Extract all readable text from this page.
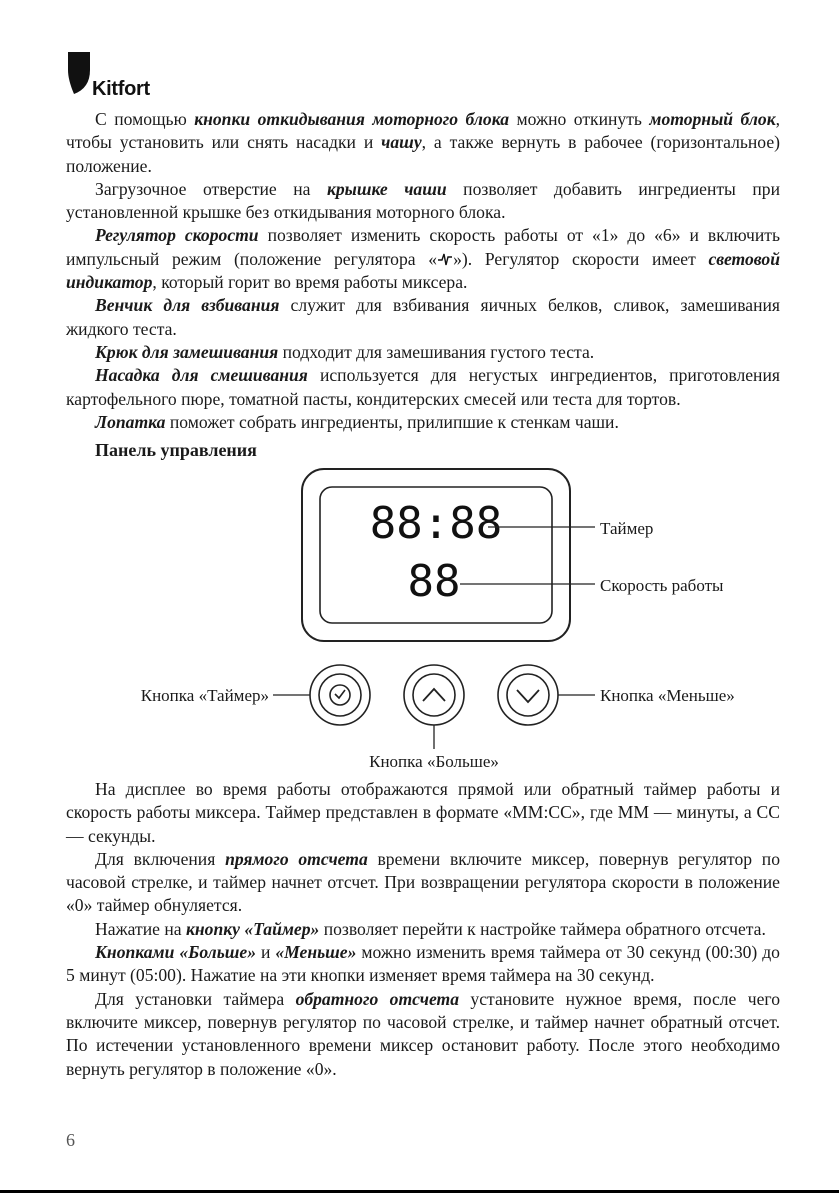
Kitfort

С помощью кнопки откидывания моторного блока можно откинуть моторный блок, чтобы установить или снять насадки и чашу, а также вернуть в рабочее (горизонтальное) положение.

Загрузочное отверстие на крышке чаши позволяет добавить ингредиенты при установленной крышке без откидывания моторного блока.

Регулятор скорости позволяет изменить скорость работы от «1» до «6» и включить импульсный режим (положение регулятора « »). Регулятор скорости имеет световой индикатор, который горит во время работы миксера.

Венчик для взбивания служит для взбивания яичных белков, сливок, замешивания жидкого теста.

Крюк для замешивания подходит для замешивания густого теста.

Насадка для смешивания используется для негустых ингредиентов, приготовления картофельного пюре, томатной пасты, кондитерских смесей или теста для тортов.

Лопатка поможет собрать ингредиенты, прилипшие к стенкам чаши.

Панель управления
88:88
88
Таймер
Скорость работы
Кнопка «Таймер»	Кнопка «Меньше»
Кнопка «Больше»

На дисплее во время работы отображаются прямой или обратный таймер работы и скорость работы миксера. Таймер представлен в формате «ММ:СС», где ММ — минуты, а СС — секунды.

Для включения прямого отсчета времени включите миксер, повернув регулятор по часовой стрелке, и таймер начнет отсчет. При возвращении регулятора скорости в положение «0» таймер обнуляется.

Нажатие на кнопку «Таймер» позволяет перейти к настройке таймера обратного отсчета.

Кнопками «Больше» и «Меньше» можно изменить время таймера от 30 секунд (00:30) до 5 минут (05:00). Нажатие на эти кнопки изменяет время таймера на 30 секунд.

Для установки таймера обратного отсчета установите нужное время, после чего включите миксер, повернув регулятор по часовой стрелке, и таймер начнет обратный отсчет. По истечении установленного времени миксер остановит работу. После этого необходимо вернуть регулятор в положение «0».

6
